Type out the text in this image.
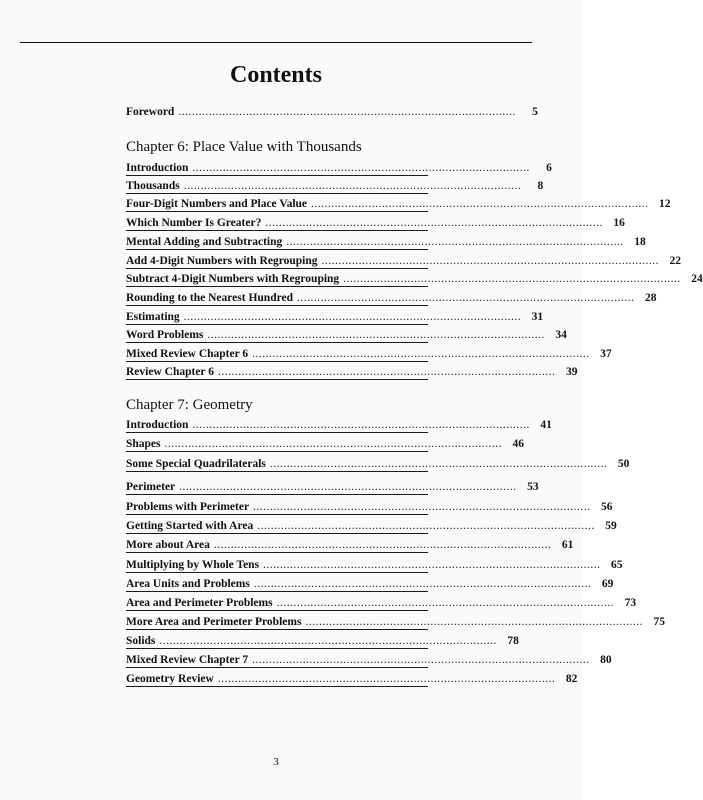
Contents
Foreword ....................................................................................................	5
Chapter 6: Place Value with Thousands
Introduction ....................................................................................................	6
Thousands ....................................................................................................	8
Four-Digit Numbers and Place Value .................................................................................................... 12
Which Number Is Greater? .................................................................................................... 16
Mental Adding and Subtracting .................................................................................................... 18
Add 4-Digit Numbers with Regrouping .................................................................................................... 22
Subtract 4-Digit Numbers with Regrouping .................................................................................................... 24
Rounding to the Nearest Hundred .................................................................................................... 28
Estimating .................................................................................................... 31
Word Problems .................................................................................................... 34
Mixed Review Chapter 6 .................................................................................................... 37
Review Chapter 6 .................................................................................................... 39
Chapter 7: Geometry
Introduction .................................................................................................... 41
Shapes .................................................................................................... 46
Some Special Quadrilaterals .................................................................................................... 50
Perimeter .................................................................................................... 53
Problems with Perimeter .................................................................................................... 56
Getting Started with Area .................................................................................................... 59
More about Area .................................................................................................... 61
Multiplying by Whole Tens .................................................................................................... 65
Area Units and Problems .................................................................................................... 69
Area and Perimeter Problems .................................................................................................... 73
More Area and Perimeter Problems .................................................................................................... 75
Solids .................................................................................................... 78
Mixed Review Chapter 7 .................................................................................................... 80
Geometry Review .................................................................................................... 82
3
